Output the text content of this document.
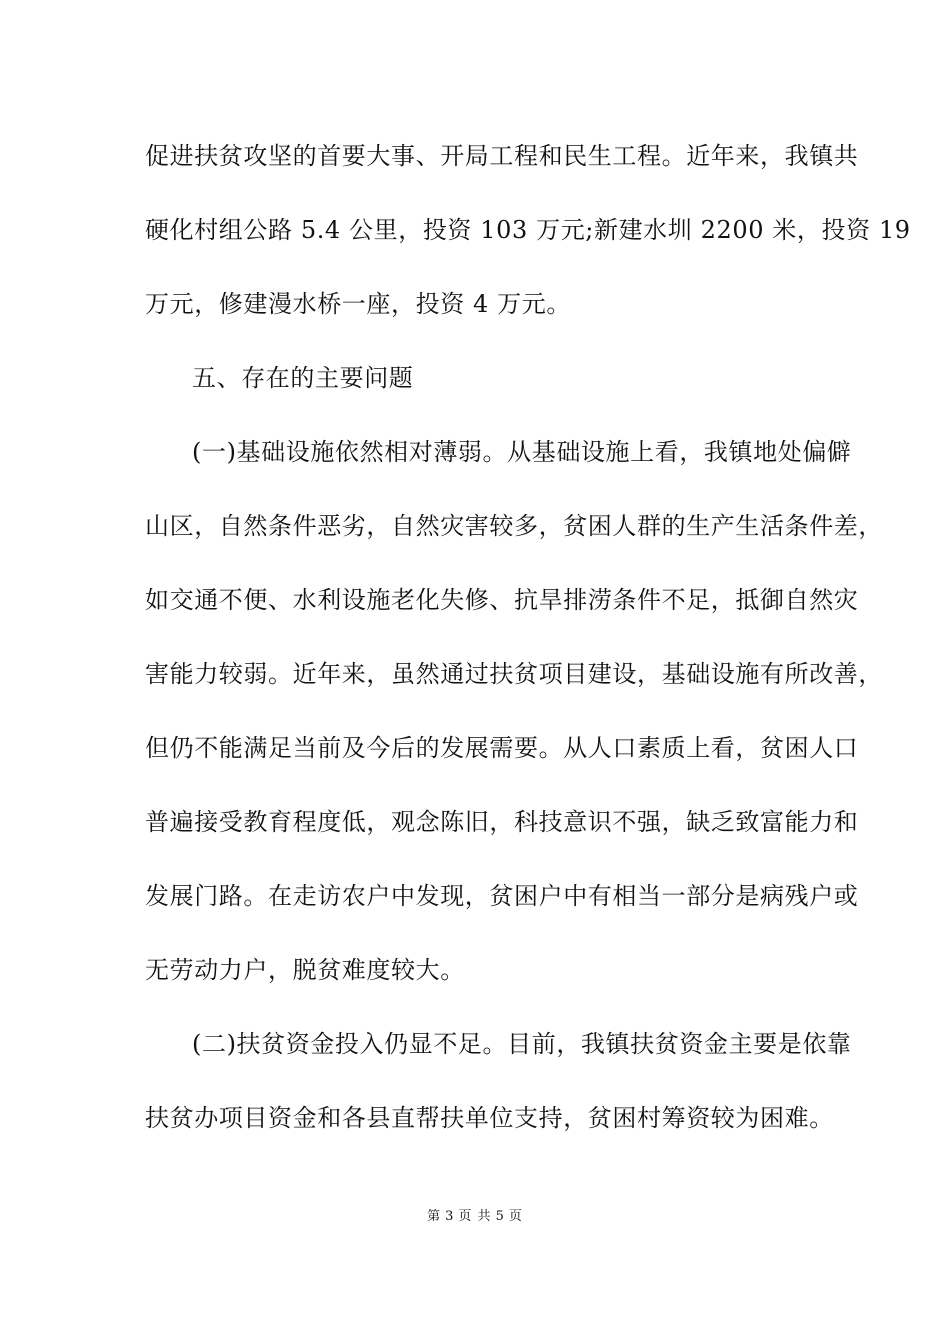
促进扶贫攻坚的首要大事、开局工程和民生工程。近年来，我镇共
硬化村组公路 5.4 公里，投资 103 万元;新建水圳 2200 米，投资 19
万元，修建漫水桥一座，投资 4 万元。
五、存在的主要问题
(一)基础设施依然相对薄弱。从基础设施上看，我镇地处偏僻
山区，自然条件恶劣，自然灾害较多，贫困人群的生产生活条件差，
如交通不便、水利设施老化失修、抗旱排涝条件不足，抵御自然灾
害能力较弱。近年来，虽然通过扶贫项目建设，基础设施有所改善，
但仍不能满足当前及今后的发展需要。从人口素质上看，贫困人口
普遍接受教育程度低，观念陈旧，科技意识不强，缺乏致富能力和
发展门路。在走访农户中发现，贫困户中有相当一部分是病残户或
无劳动力户，脱贫难度较大。
(二)扶贫资金投入仍显不足。目前，我镇扶贫资金主要是依靠
扶贫办项目资金和各县直帮扶单位支持，贫困村筹资较为困难。
第 3 页 共 5 页
